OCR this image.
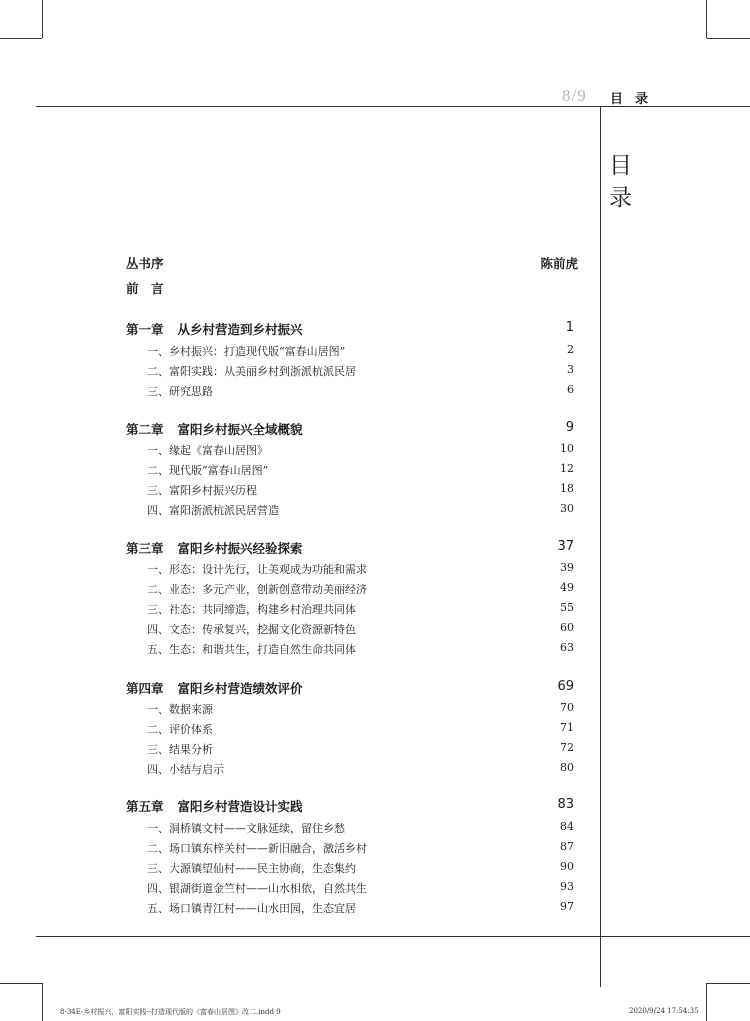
8/9 目录
目录
丛书序	陈前虎
前　言
第一章 从乡村营造到乡村振兴	1
一、乡村振兴：打造现代版“富春山居图”	2
二、富阳实践：从美丽乡村到浙派杭派民居	3
三、研究思路	6
第二章 富阳乡村振兴全域概貌	9
一、缘起《富春山居图》	10
二、现代版“富春山居图”	12
三、富阳乡村振兴历程	18
四、富阳浙派杭派民居营造	30
第三章 富阳乡村振兴经验探索	37
一、形态：设计先行，让美观成为功能和需求	39
二、业态：多元产业，创新创意带动美丽经济	49
三、社态：共同缔造，构建乡村治理共同体	55
四、文态：传承复兴，挖掘文化资源新特色	60
五、生态：和谐共生，打造自然生命共同体	63
第四章 富阳乡村营造绩效评价	69
一、数据来源	70
二、评价体系	71
三、结果分析	72
四、小结与启示	80
第五章 富阳乡村营造设计实践	83
一、洞桥镇文村——文脉延续，留住乡愁	84
二、场口镇东梓关村——新旧融合，激活乡村	87
三、大源镇望仙村——民主协商，生态集约	90
四、银湖街道金竺村——山水相依，自然共生	93
五、场口镇青江村——山水田园，生态宜居	97
8-34E-乡村振兴，富阳实践--打造现代版的《富春山居图》改二.indd 9	2020/9/24 17:54:35
